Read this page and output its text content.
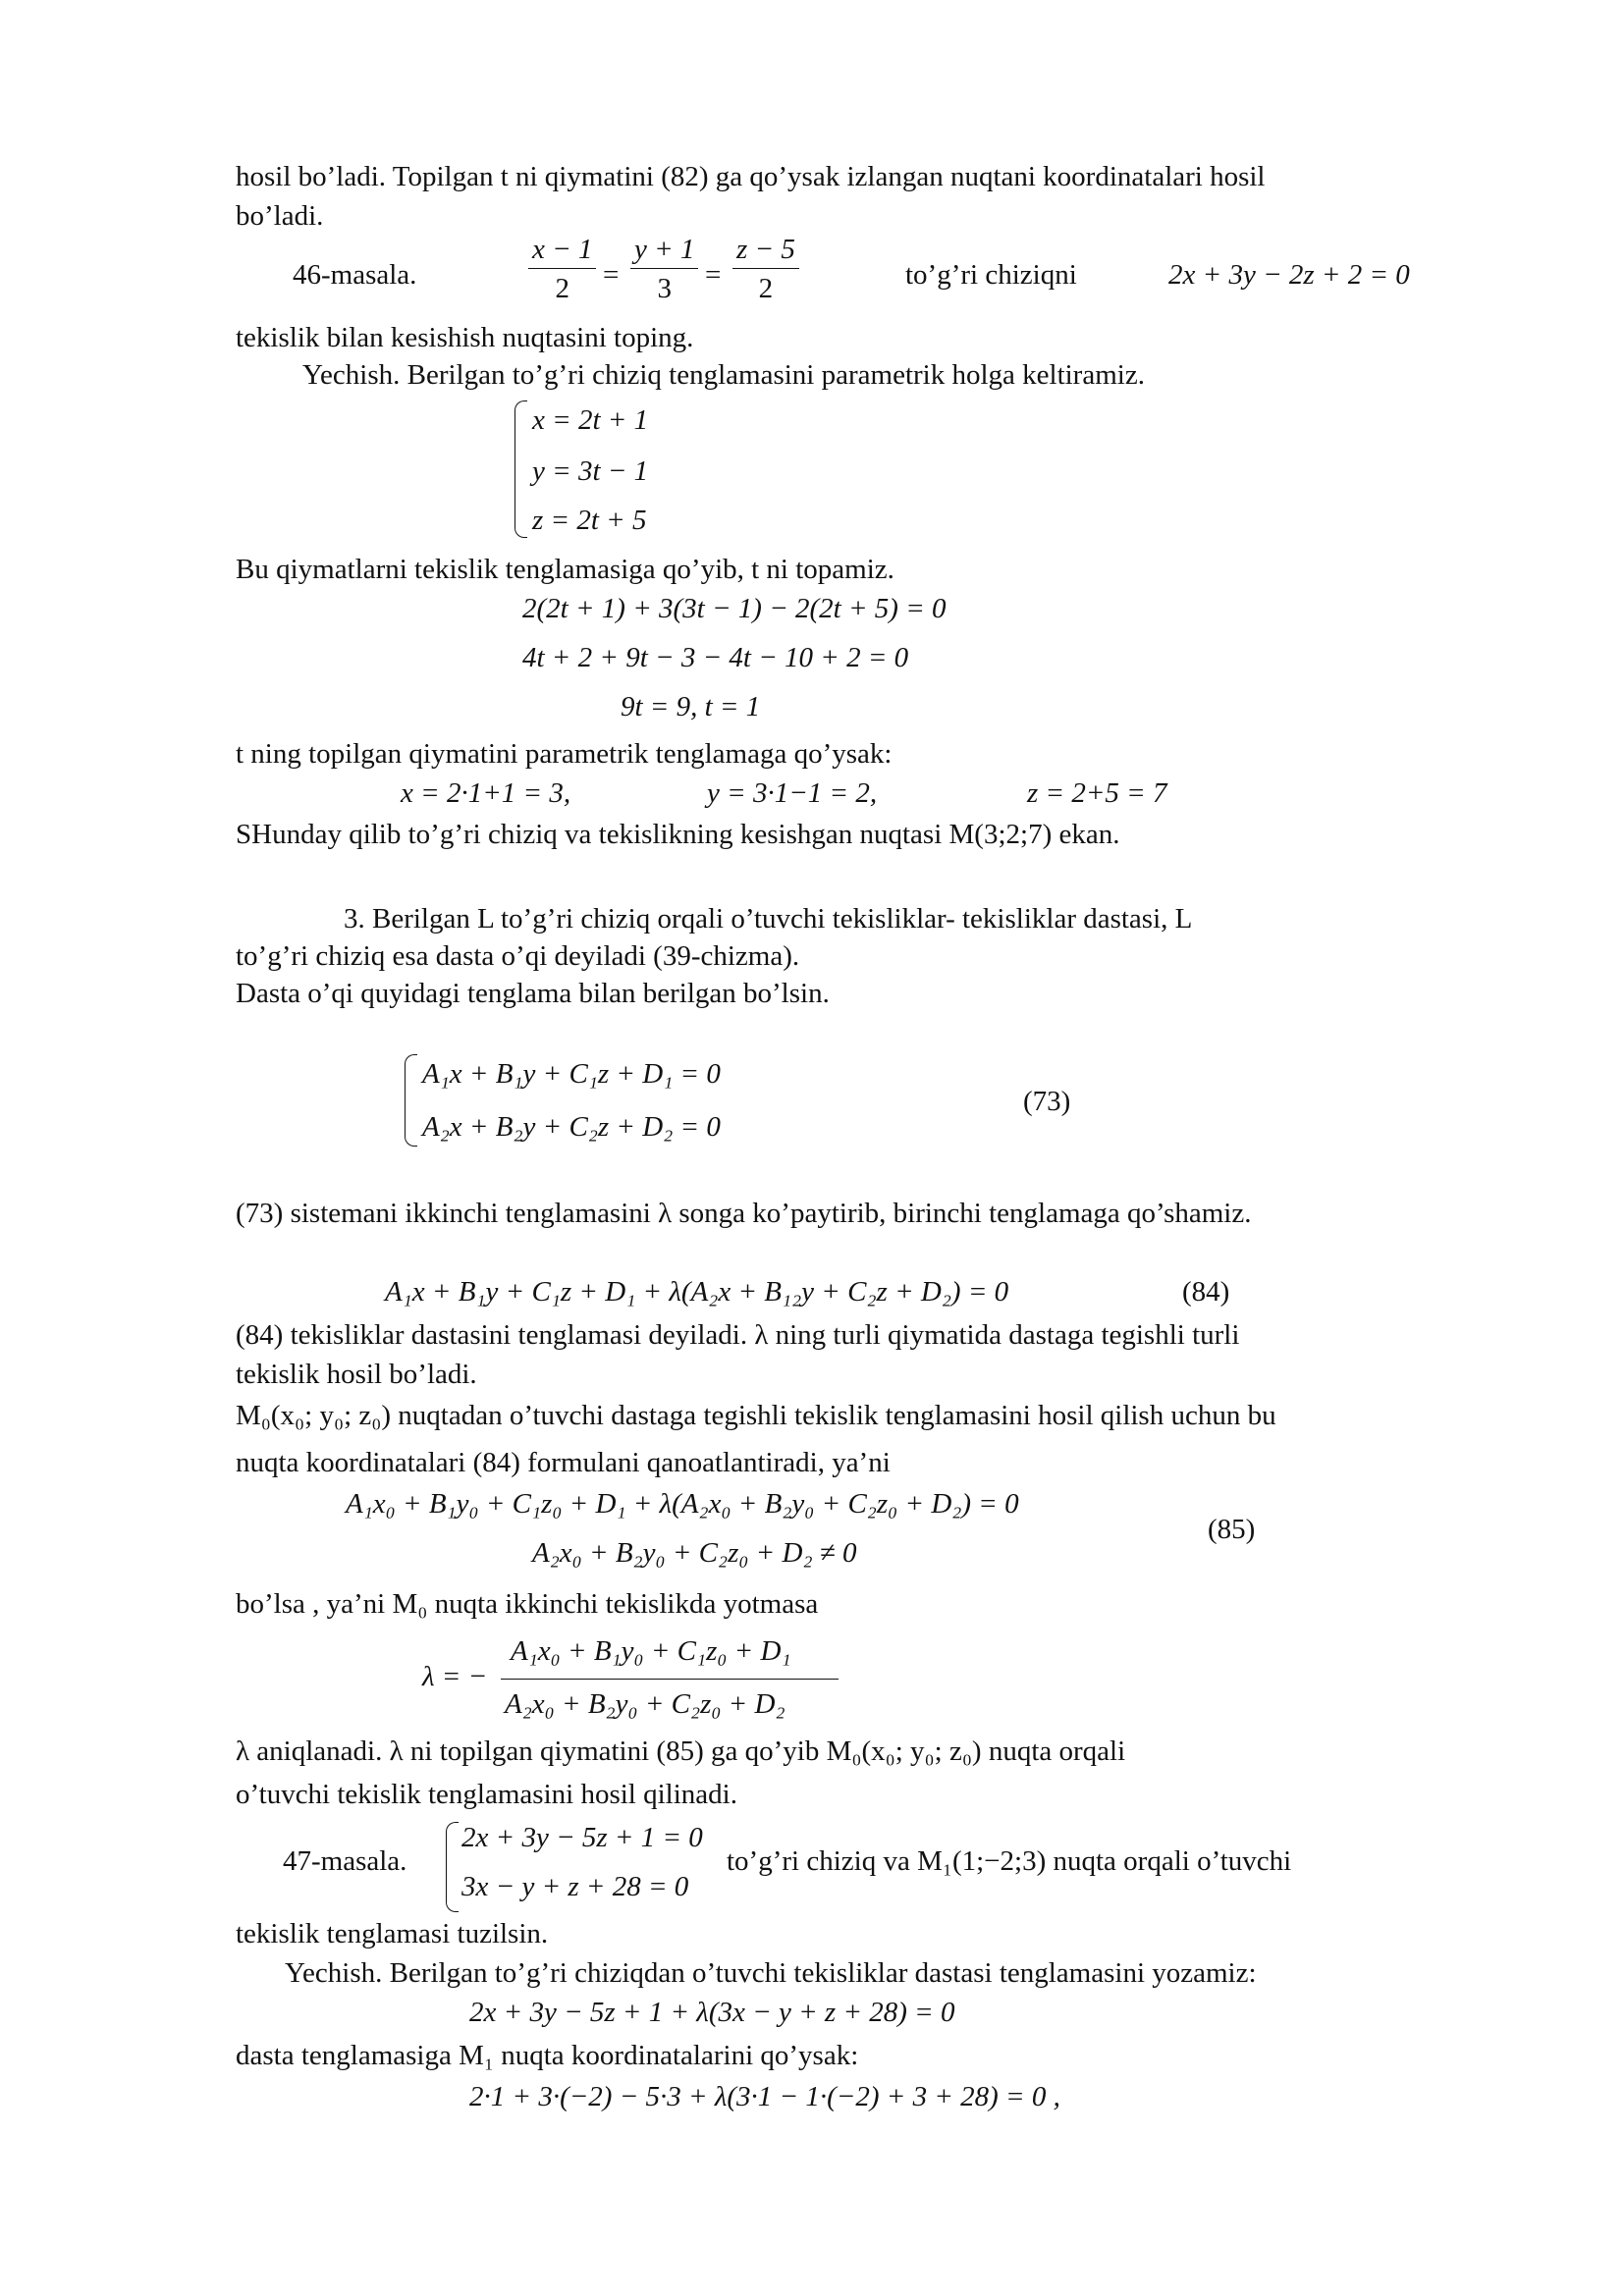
hosil bo’ladi. Topilgan t ni qiymatini (82) ga qo’ysak izlangan nuqtani koordinatalari hosil
bo’ladi.
46-masala.	$\frac{x - 1}{2} = \frac{y + 1}{3} = \frac{z - 5}{2}$	to’g’ri chiziqni	2x + 3y − 2z + 2 = 0
tekislik bilan kesishish nuqtasini toping.
Yechish. Berilgan to’g’ri chiziq tenglamasini parametrik holga keltiramiz.
x = 2t + 1
y = 3t − 1
z = 2t + 5
Bu qiymatlarni tekislik tenglamasiga qo’yib, t ni topamiz.
2(2t + 1) + 3(3t − 1) − 2(2t + 5) = 0
4t + 2 + 9t − 3 − 4t − 10 + 2 = 0
9t = 9, t = 1
t ning topilgan qiymatini parametrik tenglamaga qo’ysak:
x = 2·1+1 = 3,	y = 3·1−1 = 2,	z = 2+5 = 7
SHunday qilib to’g’ri chiziq va tekislikning kesishgan nuqtasi M(3;2;7) ekan.
3. Berilgan L to’g’ri chiziq orqali o’tuvchi tekisliklar- tekisliklar dastasi, L
to’g’ri chiziq esa dasta o’qi deyiladi (39-chizma).
Dasta o’qi quyidagi tenglama bilan berilgan bo’lsin.
A₁x + B₁y + C₁z + D₁ = 0
A₂x + B₂y + C₂z + D₂ = 0
(73)
(73) sistemani ikkinchi tenglamasini λ songa ko’paytirib, birinchi tenglamaga qo’shamiz.
A₁x + B₁y + C₁z + D₁ + λ(A₂x + B₁₂y + C₂z + D₂) = 0	(84)
(84) tekisliklar dastasini tenglamasi deyiladi. λ ning turli qiymatida dastaga tegishli turli
tekislik hosil bo’ladi.
M₀(x₀; y₀; z₀) nuqtadan o’tuvchi dastaga tegishli tekislik tenglamasini hosil qilish uchun bu
nuqta koordinatalari (84) formulani qanoatlantiradi, ya’ni
A₁x₀ + B₁y₀ + C₁z₀ + D₁ + λ(A₂x₀ + B₂y₀ + C₂z₀ + D₂) = 0
A₂x₀ + B₂y₀ + C₂z₀ + D₂ ≠ 0
(85)
bo’lsa , ya’ni M₀ nuqta ikkinchi tekislikda yotmasa
λ = −
A₁x₀ + B₁y₀ + C₁z₀ + D₁
A₂x₀ + B₂y₀ + C₂z₀ + D₂
λ aniqlanadi. λ ni topilgan qiymatini (85) ga qo’yib M₀(x₀; y₀; z₀) nuqta orqali
o’tuvchi tekislik tenglamasini hosil qilinadi.
47-masala.
2x + 3y − 5z + 1 = 0
3x − y + z + 28 = 0
to’g’ri chiziq va M₁(1;−2;3) nuqta orqali o’tuvchi
tekislik tenglamasi tuzilsin.
Yechish. Berilgan to’g’ri chiziqdan o’tuvchi tekisliklar dastasi tenglamasini yozamiz:
2x + 3y − 5z + 1 + λ(3x − y + z + 28) = 0
dasta tenglamasiga M₁ nuqta koordinatalarini qo’ysak:
2·1 + 3·(−2) − 5·3 + λ(3·1 − 1·(−2) + 3 + 28) = 0 ,
